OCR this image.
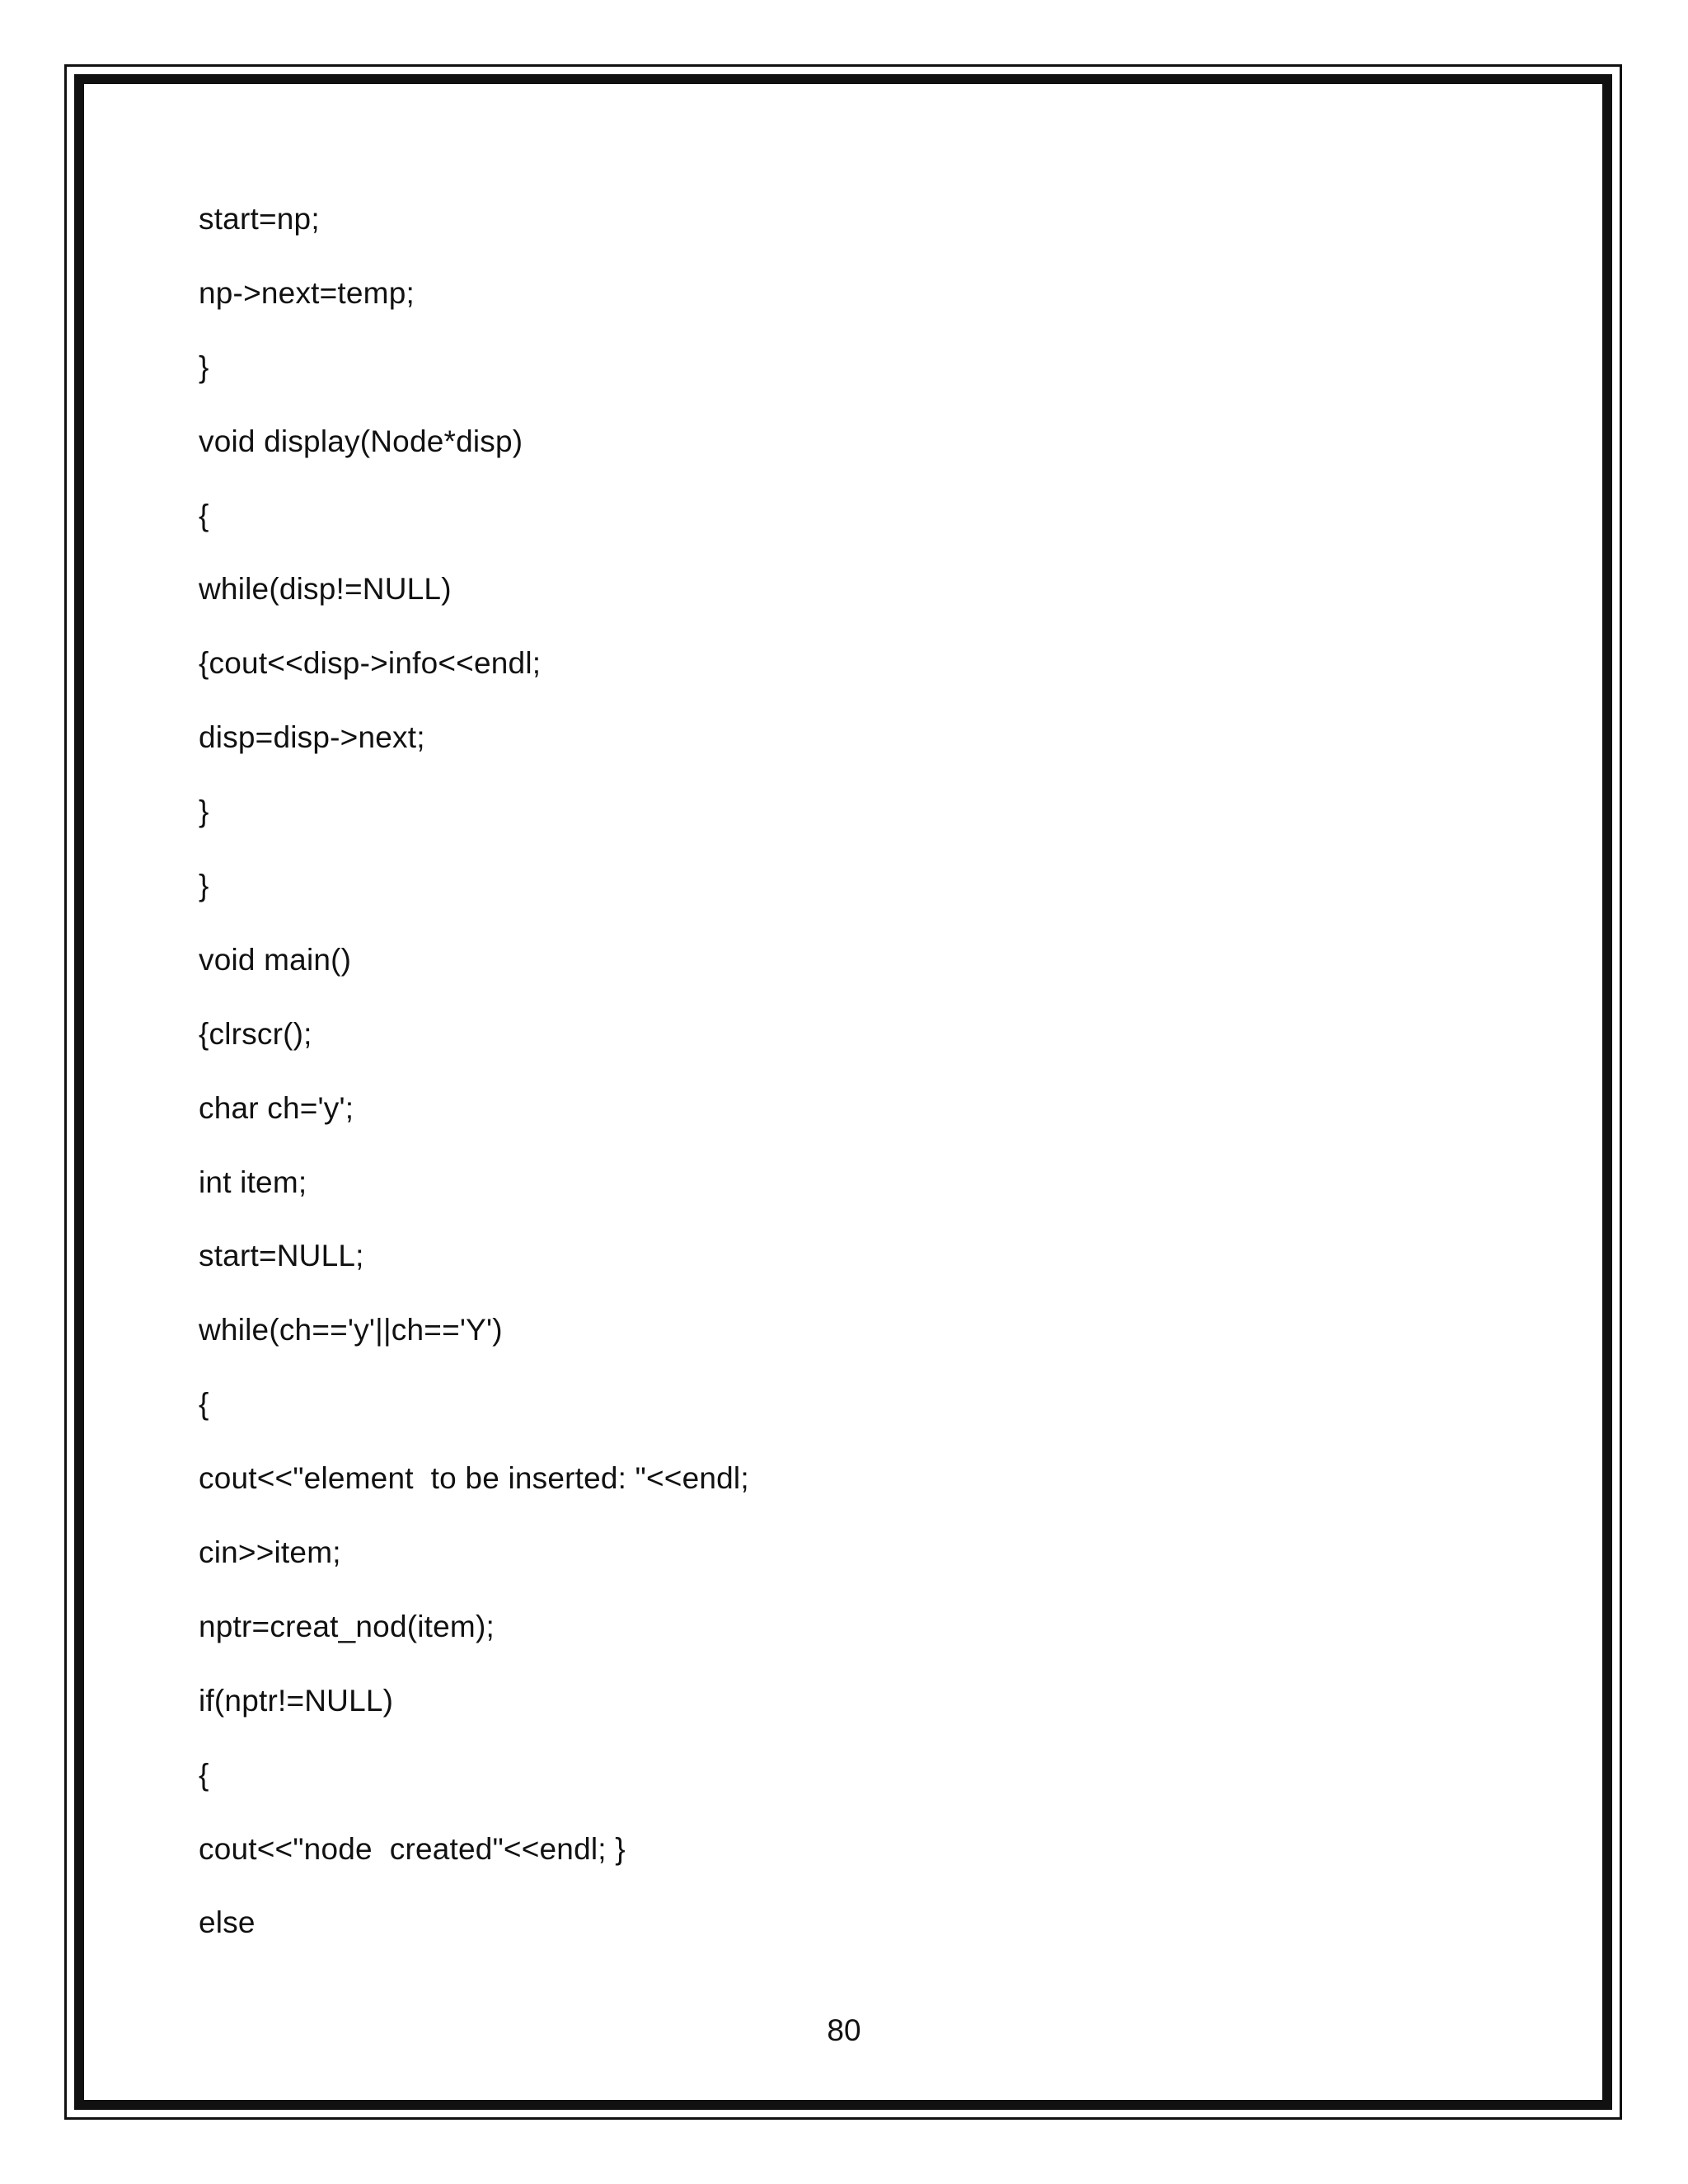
start=np;
np->next=temp;
}
void display(Node*disp)
{
while(disp!=NULL)
{cout<<disp->info<<endl;
disp=disp->next;
}
}
void main()
{clrscr();
char ch='y';
int item;
start=NULL;
while(ch=='y'||ch=='Y')
{
cout<<"element  to be inserted: "<<endl;
cin>>item;
nptr=creat_nod(item);
if(nptr!=NULL)
{
cout<<"node  created"<<endl; }
else
80
